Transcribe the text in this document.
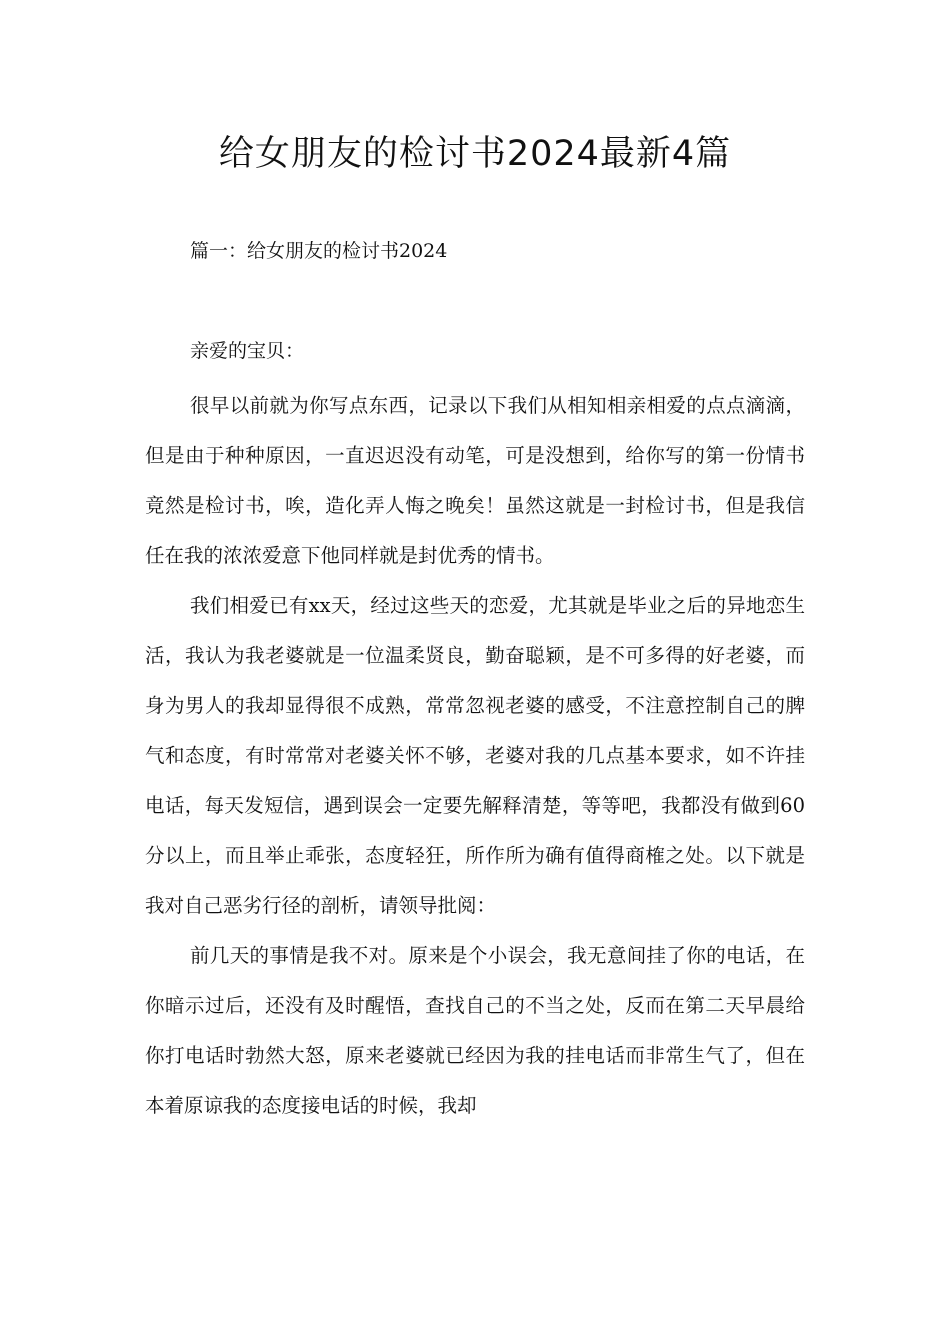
给女朋友的检讨书2024最新4篇
篇一：给女朋友的检讨书2024

亲爱的宝贝：

很早以前就为你写点东西，记录以下我们从相知相亲相爱的点点滴滴，但是由于种种原因，一直迟迟没有动笔，可是没想到，给你写的第一份情书竟然是检讨书，唉，造化弄人悔之晚矣！虽然这就是一封检讨书，但是我信任在我的浓浓爱意下他同样就是封优秀的情书。

我们相爱已有xx天，经过这些天的恋爱，尤其就是毕业之后的异地恋生活，我认为我老婆就是一位温柔贤良，勤奋聪颖，是不可多得的好老婆，而身为男人的我却显得很不成熟，常常忽视老婆的感受，不注意控制自己的脾气和态度，有时常常对老婆关怀不够，老婆对我的几点基本要求，如不许挂电话，每天发短信，遇到误会一定要先解释清楚，等等吧，我都没有做到60分以上，而且举止乖张，态度轻狂，所作所为确有值得商榷之处。以下就是我对自己恶劣行径的剖析，请领导批阅：

前几天的事情是我不对。原来是个小误会，我无意间挂了你的电话，在你暗示过后，还没有及时醒悟，查找自己的不当之处，反而在第二天早晨给你打电话时勃然大怒，原来老婆就已经因为我的挂电话而非常生气了，但在本着原谅我的态度接电话的时候，我却
